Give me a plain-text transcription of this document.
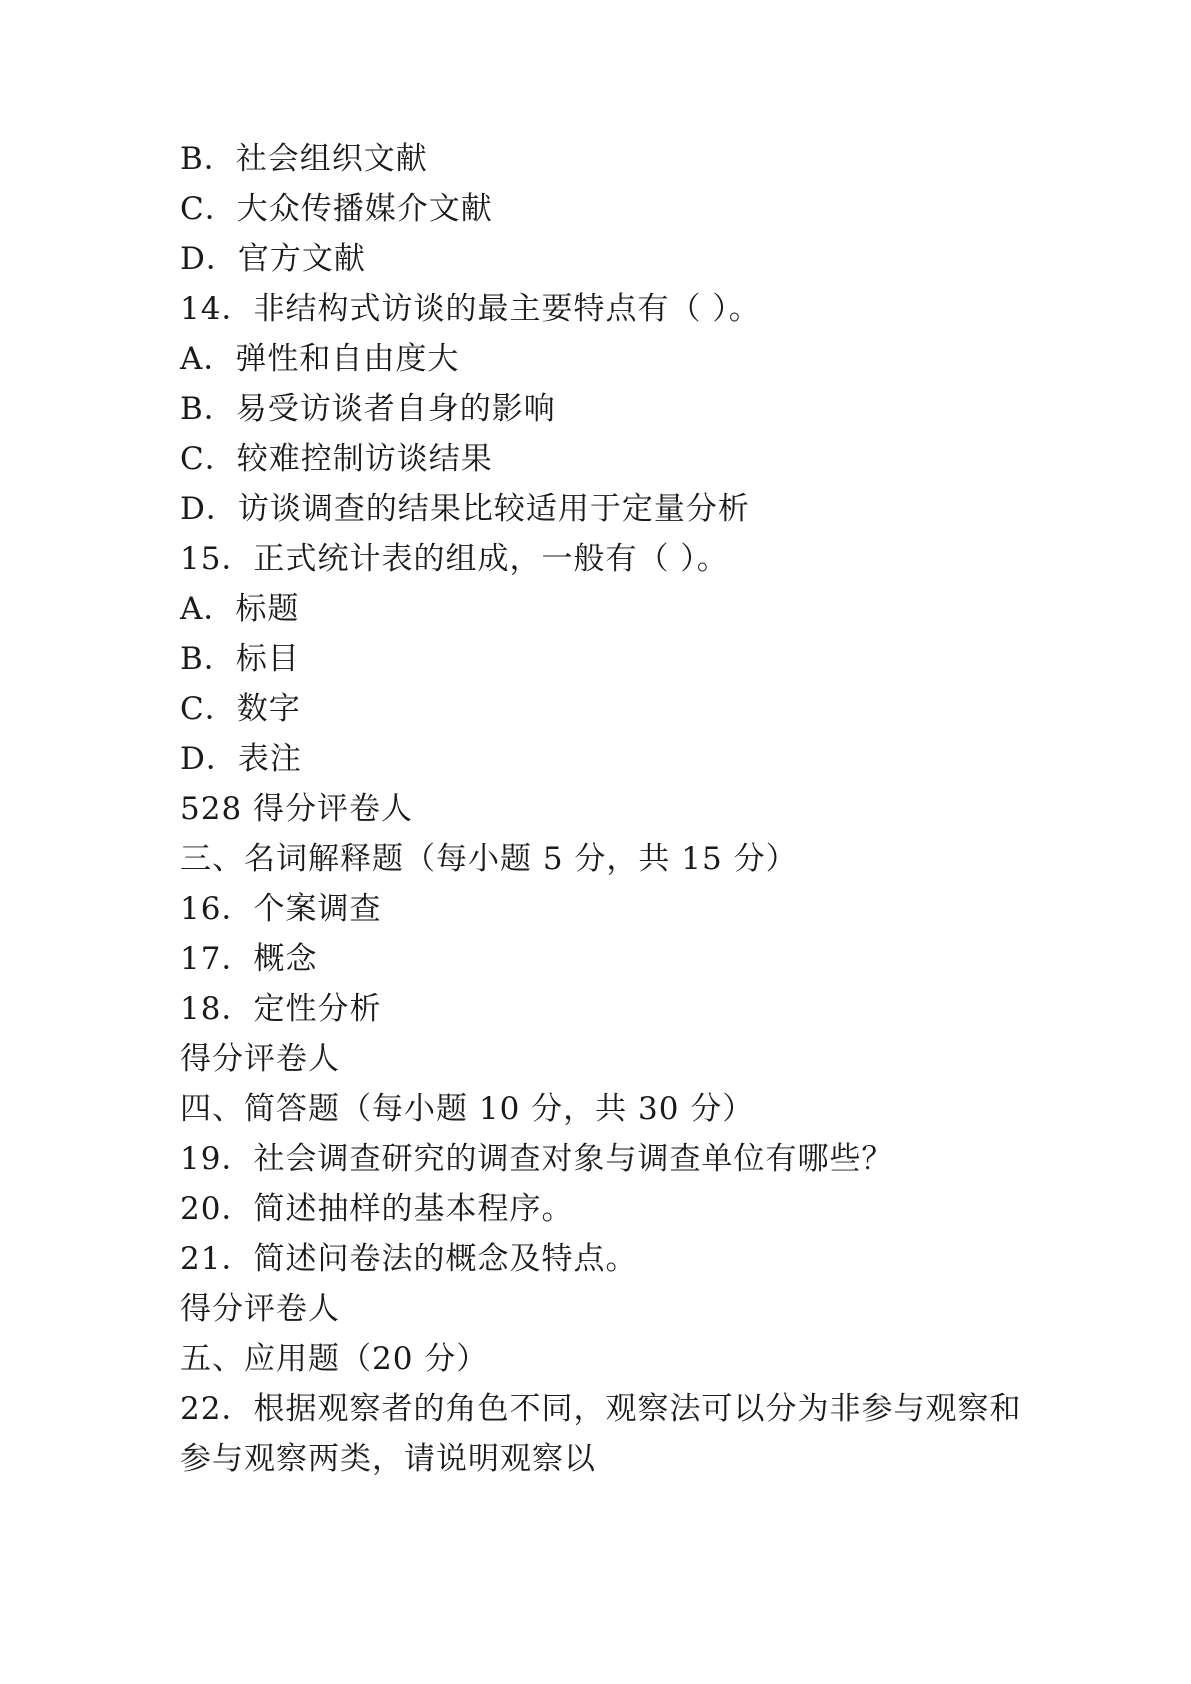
B．社会组织文献
C．大众传播媒介文献
D．官方文献
14．非结构式访谈的最主要特点有（ ）。
A．弹性和自由度大
B．易受访谈者自身的影响
C．较难控制访谈结果
D．访谈调查的结果比较适用于定量分析
15．正式统计表的组成，一般有（ ）。
A．标题
B．标目
C．数字
D．表注
528 得分评卷人
三、名词解释题（每小题 5 分，共 15 分）
16．个案调查
17．概念
18．定性分析
得分评卷人
四、简答题（每小题 10 分，共 30 分）
19．社会调查研究的调查对象与调查单位有哪些？
20．简述抽样的基本程序。
21．简述问卷法的概念及特点。
得分评卷人
五、应用题（20 分）
22．根据观察者的角色不同，观察法可以分为非参与观察和
参与观察两类，请说明观察以
